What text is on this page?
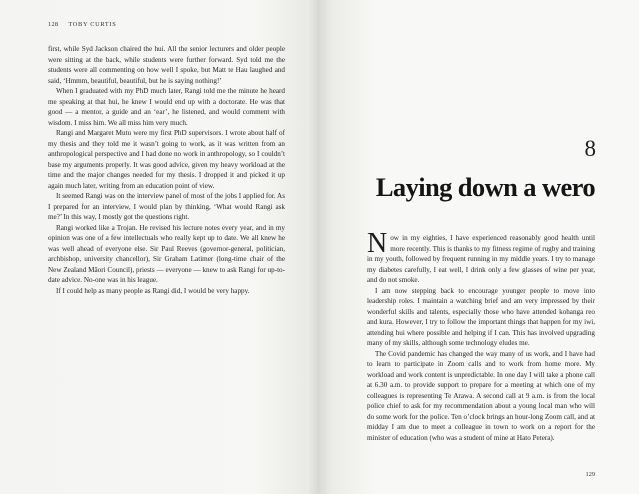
128 TOBY CURTIS

first, while Syd Jackson chaired the hui. All the senior lecturers and older people were sitting at the back, while students were further forward. Syd told me the students were all commenting on how well I spoke, but Matt te Hau laughed and said, ‘Hmmm, beautiful, beautiful, but he is saying nothing!’

When I graduated with my PhD much later, Rangi told me the minute he heard me speaking at that hui, he knew I would end up with a doctorate. He was that good — a mentor, a guide and an ‘ear’, he listened, and would comment with wisdom. I miss him. We all miss him very much.

Rangi and Margaret Mutu were my first PhD supervisors. I wrote about half of my thesis and they told me it wasn’t going to work, as it was written from an anthropological perspective and I had done no work in anthropology, so I couldn’t base my arguments properly. It was good advice, given my heavy workload at the time and the major changes needed for my thesis. I dropped it and picked it up again much later, writing from an education point of view.

It seemed Rangi was on the interview panel of most of the jobs I applied for. As I prepared for an interview, I would plan by thinking, ‘What would Rangi ask me?’ In this way, I mostly got the questions right.

Rangi worked like a Trojan. He revised his lecture notes every year, and in my opinion was one of a few intellectuals who really kept up to date. We all knew he was well ahead of everyone else. Sir Paul Reeves (governor-general, politician, archbishop, university chancellor), Sir Graham Latimer (long-time chair of the New Zealand Māori Council), priests — everyone — knew to ask Rangi for up-to-date advice. No-one was in his league.

If I could help as many people as Rangi did, I would be very happy.

8
Laying down a wero

Now in my eighties, I have experienced reasonably good health until more recently. This is thanks to my fitness regime of rugby and training in my youth, followed by frequent running in my middle years. I try to manage my diabetes carefully, I eat well, I drink only a few glasses of wine per year, and do not smoke.

I am now stepping back to encourage younger people to move into leadership roles. I maintain a watching brief and am very impressed by their wonderful skills and talents, especially those who have attended kohanga reo and kura. However, I try to follow the important things that happen for my iwi, attending hui where possible and helping if I can. This has involved upgrading many of my skills, although some technology eludes me.

The Covid pandemic has changed the way many of us work, and I have had to learn to participate in Zoom calls and to work from home more. My workload and work content is unpredictable. In one day I will take a phone call at 6.30 a.m. to provide support to prepare for a meeting at which one of my colleagues is representing Te Arawa. A second call at 9 a.m. is from the local police chief to ask for my recommendation about a young local man who will do some work for the police. Ten o’clock brings an hour-long Zoom call, and at midday I am due to meet a colleague in town to work on a report for the minister of education (who was a student of mine at Hato Petera).

129
